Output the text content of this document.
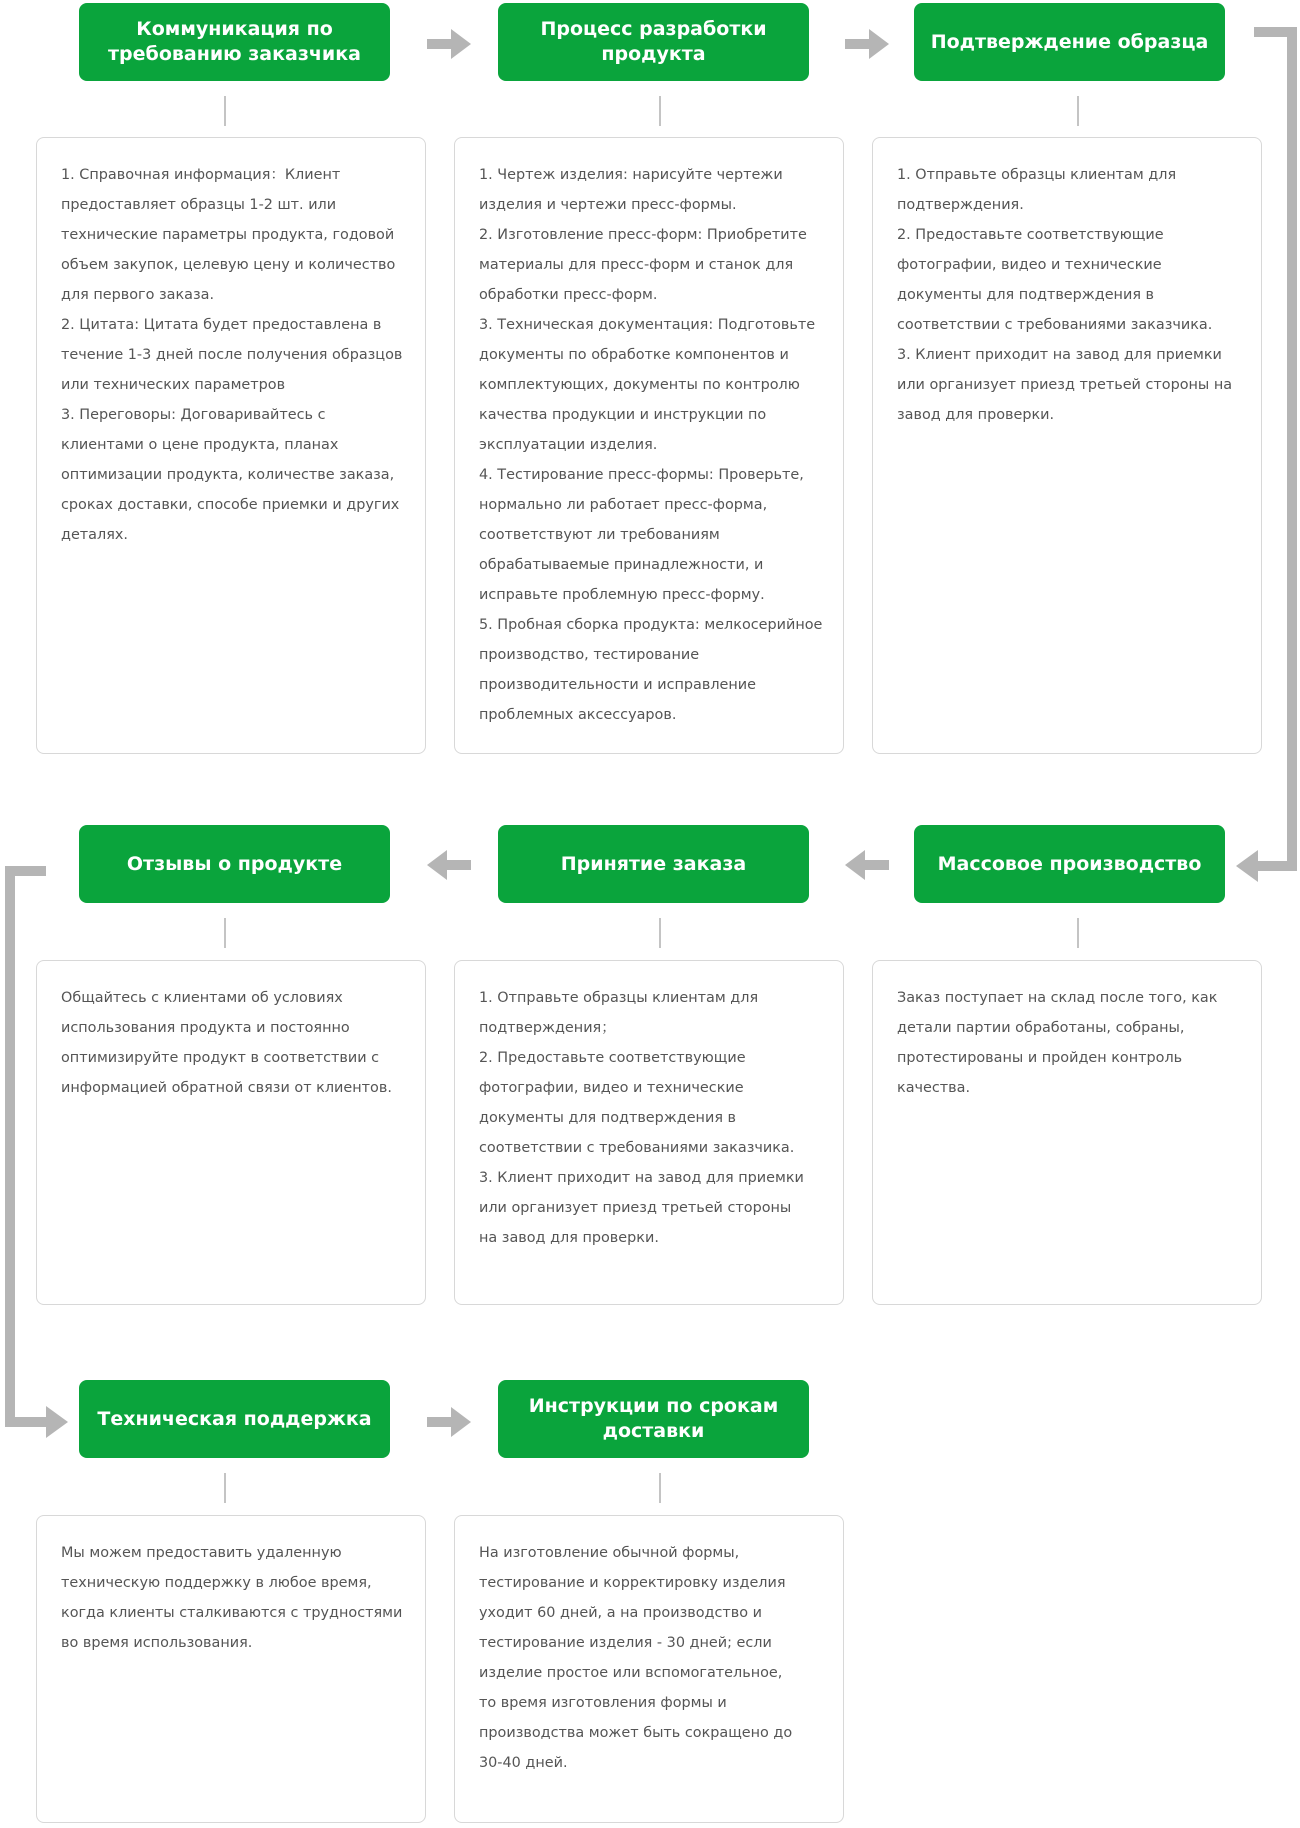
Коммуникация по требованию заказчика
Процесс разработки продукта
Подтверждение образца
1. Справочная информация：Клиент
предоставляет образцы 1-2 шт. или
технические параметры продукта, годовой
объем закупок, целевую цену и количество
для первого заказа.
2. Цитата: Цитата будет предоставлена в
течение 1-3 дней после получения образцов
или технических параметров
3. Переговоры: Договаривайтесь с
клиентами о цене продукта, планах
оптимизации продукта, количестве заказа,
сроках доставки, способе приемки и других
деталях.
1. Чертеж изделия: нарисуйте чертежи
изделия и чертежи пресс-формы.
2. Изготовление пресс-форм: Приобретите
материалы для пресс-форм и станок для
обработки пресс-форм.
3. Техническая документация: Подготовьте
документы по обработке компонентов и
комплектующих, документы по контролю
качества продукции и инструкции по
эксплуатации изделия.
4. Тестирование пресс-формы: Проверьте,
нормально ли работает пресс-форма,
соответствуют ли требованиям
обрабатываемые принадлежности, и
исправьте проблемную пресс-форму.
5. Пробная сборка продукта: мелкосерийное
производство, тестирование
производительности и исправление
проблемных аксессуаров.
1. Отправьте образцы клиентам для
подтверждения.
2. Предоставьте соответствующие
фотографии, видео и технические
документы для подтверждения в
соответствии с требованиями заказчика.
3. Клиент приходит на завод для приемки
или организует приезд третьей стороны на
завод для проверки.
Отзывы о продукте	Принятие заказа	Массовое производство
Общайтесь с клиентами об условиях
использования продукта и постоянно
оптимизируйте продукт в соответствии с
информацией обратной связи от клиентов.
1. Отправьте образцы клиентам для
подтверждения；
2. Предоставьте соответствующие
фотографии, видео и технические
документы для подтверждения в
соответствии с требованиями заказчика.
3. Клиент приходит на завод для приемки
или организует приезд третьей стороны
на завод для проверки.
Заказ поступает на склад после того, как
детали партии обработаны, собраны,
протестированы и пройден контроль
качества.
Техническая поддержка
Инструкции по срокам доставки
Мы можем предоставить удаленную
техническую поддержку в любое время,
когда клиенты сталкиваются с трудностями
во время использования.
На изготовление обычной формы,
тестирование и корректировку изделия
уходит 60 дней, а на производство и
тестирование изделия - 30 дней; если
изделие простое или вспомогательное,
то время изготовления формы и
производства может быть сокращено до
30-40 дней.
